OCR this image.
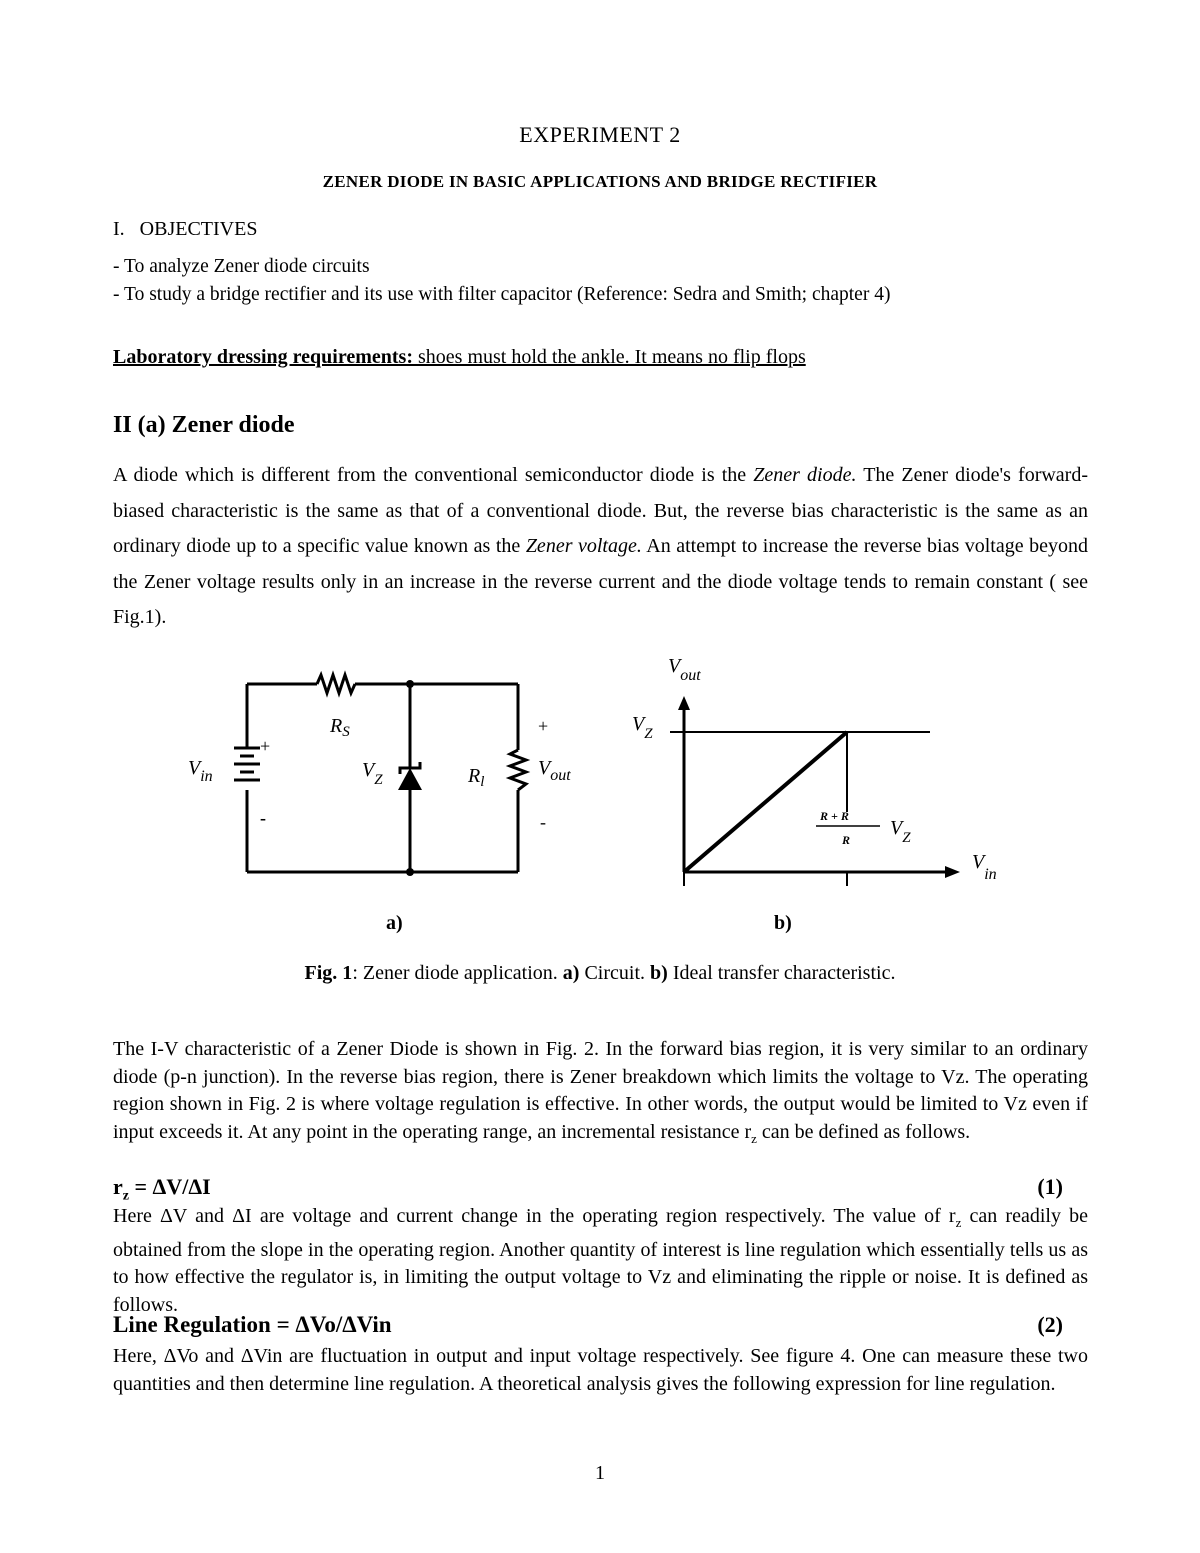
EXPERIMENT 2
ZENER DIODE IN BASIC APPLICATIONS AND BRIDGE RECTIFIER
I.   OBJECTIVES
- To analyze Zener diode circuits
- To study a bridge rectifier and its use with filter capacitor (Reference: Sedra and Smith; chapter 4)
Laboratory dressing requirements: shoes must hold the ankle. It means no flip flops
II (a) Zener diode
A diode which is different from the conventional semiconductor diode is the Zener diode. The Zener diode's forward-biased characteristic is the same as that of a conventional diode. But, the reverse bias characteristic is the same as an ordinary diode up to a specific value known as the Zener voltage. An attempt to increase the reverse bias voltage beyond the Zener voltage results only in an increase in the reverse current and the diode voltage tends to remain constant ( see Fig.1).
$R_S$
$V_{in}$	$V_Z$	$R_l$
$V_{out}$
+
-
+
-
$V_{out}$
$V_Z$
$V_{in}$
R + R
R
$V_Z$
a)	b)
Fig. 1: Zener diode application. a) Circuit. b) Ideal transfer characteristic.
The I-V characteristic of a Zener Diode is shown in Fig. 2. In the forward bias region, it is very similar to an ordinary diode (p-n junction). In the reverse bias region, there is Zener breakdown which limits the voltage to Vz. The operating region shown in Fig. 2 is where voltage regulation is effective. In other words, the output would be limited to Vz even if input exceeds it. At any point in the operating range, an incremental resistance $r_z$ can be defined as follows.
$r_z = \Delta V/\Delta I$	(1)
Here ΔV and ΔI are voltage and current change in the operating region respectively. The value of $r_z$ can readily be obtained from the slope in the operating region. Another quantity of interest is line regulation which essentially tells us as to how effective the regulator is, in limiting the output voltage to Vz and eliminating the ripple or noise. It is defined as follows.
Line Regulation = ΔVo/ΔVin	(2)
Here, ΔVo and ΔVin are fluctuation in output and input voltage respectively. See figure 4. One can measure these two quantities and then determine line regulation. A theoretical analysis gives the following expression for line regulation.
1
